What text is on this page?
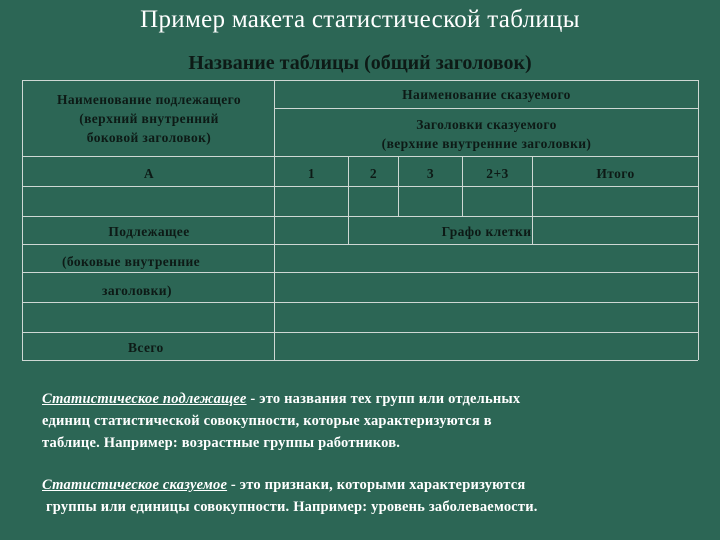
Пример макета статистической таблицы
Название таблицы (общий заголовок)
Наименование подлежащего
(верхний внутренний
боковой заголовок)
Наименование сказуемого
Заголовки сказуемого
(верхние внутренние заголовки)
А	1	2	3	2+3	Итого
Подлежащее	Графо клетки
(боковые внутренние
заголовки)
Всего
Статистическое подлежащее - это названия тех групп или отдельных
единиц статистической совокупности, которые характеризуются в
таблице. Например: возрастные группы работников.
Статистическое сказуемое - это признаки, которыми характеризуются
группы или единицы совокупности. Например: уровень заболеваемости.
